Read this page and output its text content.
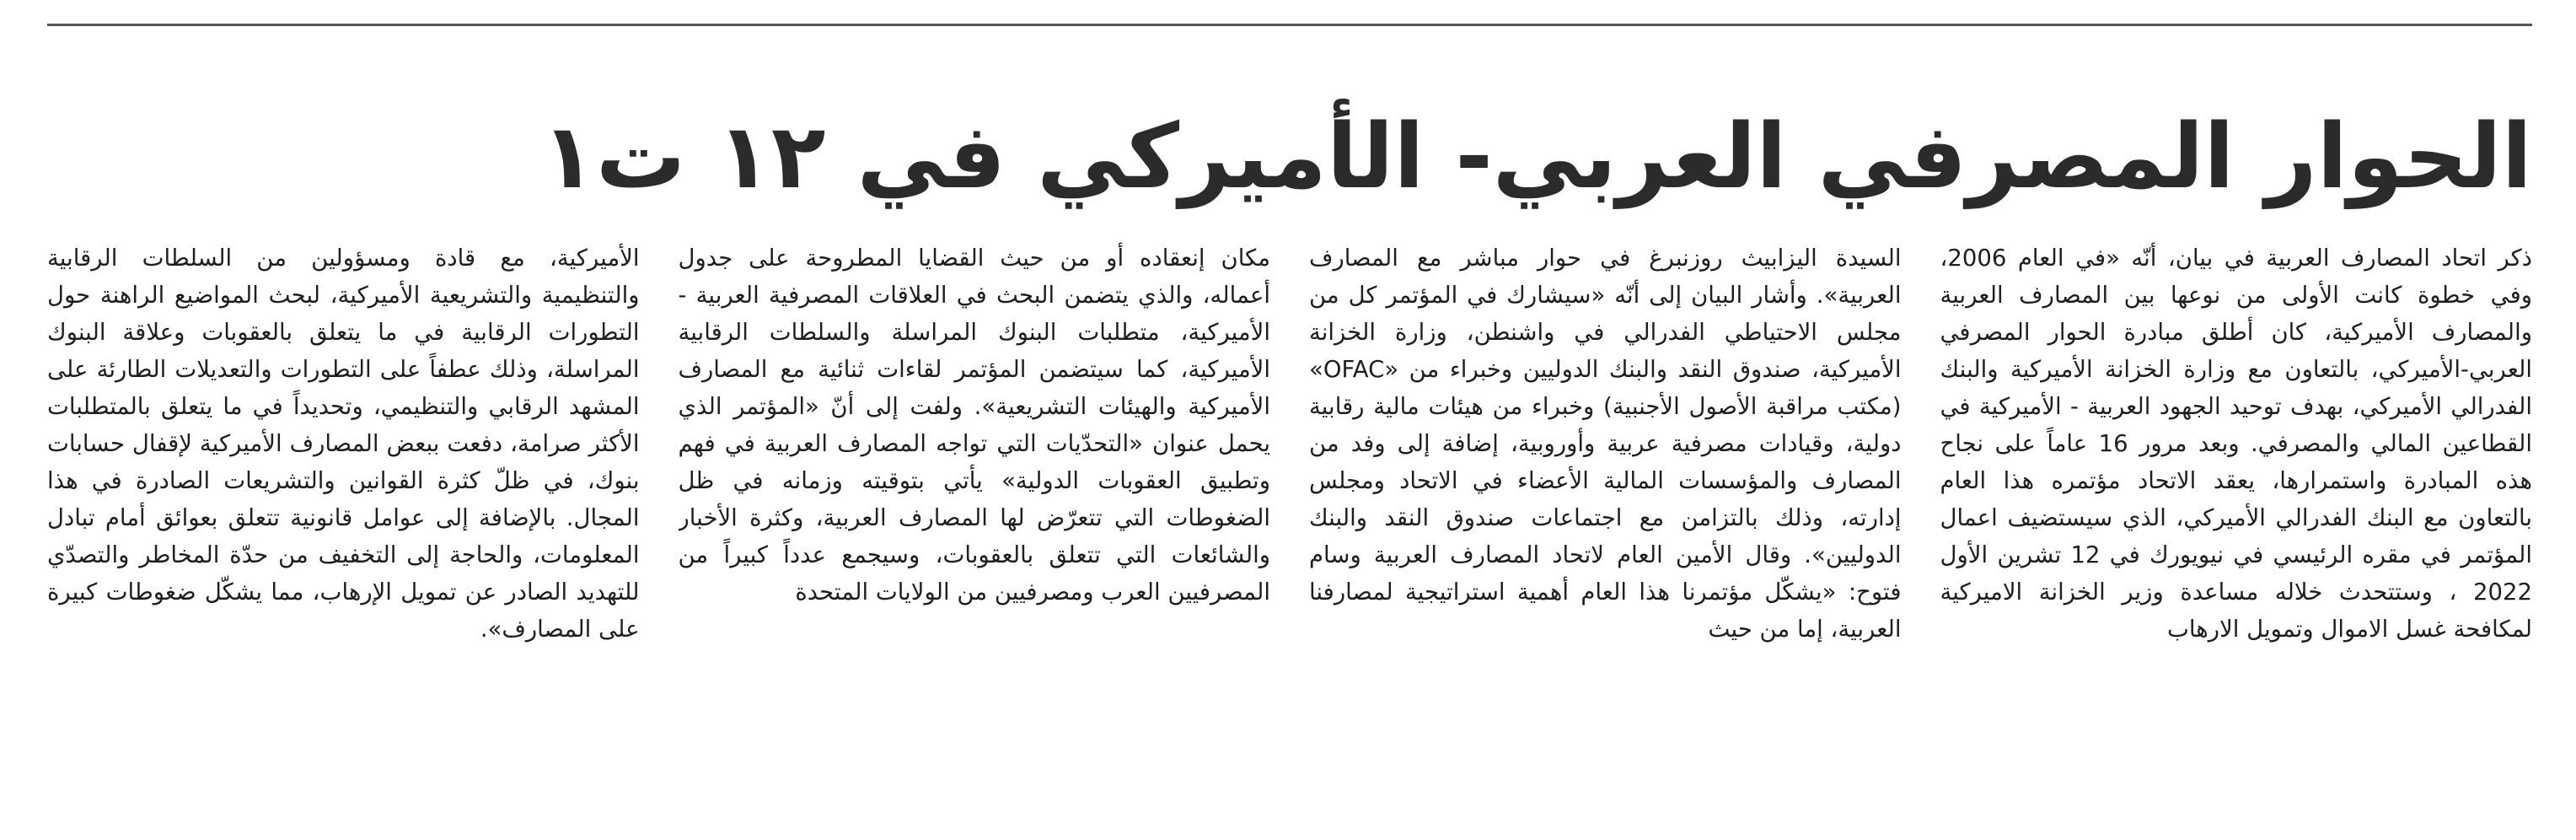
الحوار المصرفي العربي- الأميركي في ١٢ ت١

ذكر اتحاد المصارف العربية في بيان، أنّه «في العام 2006، وفي خطوة كانت الأولى من نوعها بين المصارف العربية والمصارف الأميركية، كان أطلق مبادرة الحوار المصرفي العربي-الأميركي، بالتعاون مع وزارة الخزانة الأميركية والبنك الفدرالي الأميركي، بهدف توحيد الجهود العربية - الأميركية في القطاعين المالي والمصرفي. وبعد مرور 16 عاماً على نجاح هذه المبادرة واستمرارها، يعقد الاتحاد مؤتمره هذا العام بالتعاون مع البنك الفدرالي الأميركي، الذي سيستضيف اعمال المؤتمر في مقره الرئيسي في نيويورك في 12 تشرين الأول 2022 ، وستتحدث خلاله مساعدة وزير الخزانة الاميركية لمكافحة غسل الاموال وتمويل الارهاب

السيدة اليزابيث روزنبرغ في حوار مباشر مع المصارف العربية». وأشار البيان إلى أنّه «سيشارك في المؤتمر كل من مجلس الاحتياطي الفدرالي في واشنطن، وزارة الخزانة الأميركية، صندوق النقد والبنك الدوليين وخبراء من «OFAC» (مكتب مراقبة الأصول الأجنبية) وخبراء من هيئات مالية رقابية دولية، وقيادات مصرفية عربية وأوروبية، إضافة إلى وفد من المصارف والمؤسسات المالية الأعضاء في الاتحاد ومجلس إدارته، وذلك بالتزامن مع اجتماعات صندوق النقد والبنك الدوليين». وقال الأمين العام لاتحاد المصارف العربية وسام فتوح: «يشكّل مؤتمرنا هذا العام أهمية استراتيجية لمصارفنا العربية، إما من حيث

مكان إنعقاده أو من حيث القضايا المطروحة على جدول أعماله، والذي يتضمن البحث في العلاقات المصرفية العربية - الأميركية، متطلبات البنوك المراسلة والسلطات الرقابية الأميركية، كما سيتضمن المؤتمر لقاءات ثنائية مع المصارف الأميركية والهيئات التشريعية». ولفت إلى أنّ «المؤتمر الذي يحمل عنوان «التحدّيات التي تواجه المصارف العربية في فهم وتطبيق العقوبات الدولية» يأتي بتوقيته وزمانه في ظل الضغوطات التي تتعرّض لها المصارف العربية، وكثرة الأخبار والشائعات التي تتعلق بالعقوبات، وسيجمع عدداً كبيراً من المصرفيين العرب ومصرفيين من الولايات المتحدة

الأميركية، مع قادة ومسؤولين من السلطات الرقابية والتنظيمية والتشريعية الأميركية، لبحث المواضيع الراهنة حول التطورات الرقابية في ما يتعلق بالعقوبات وعلاقة البنوك المراسلة، وذلك عطفاً على التطورات والتعديلات الطارئة على المشهد الرقابي والتنظيمي، وتحديداً في ما يتعلق بالمتطلبات الأكثر صرامة، دفعت ببعض المصارف الأميركية لإقفال حسابات بنوك، في ظلّ كثرة القوانين والتشريعات الصادرة في هذا المجال. بالإضافة إلى عوامل قانونية تتعلق بعوائق أمام تبادل المعلومات، والحاجة إلى التخفيف من حدّة المخاطر والتصدّي للتهديد الصادر عن تمويل الإرهاب، مما يشكّل ضغوطات كبيرة على المصارف».
